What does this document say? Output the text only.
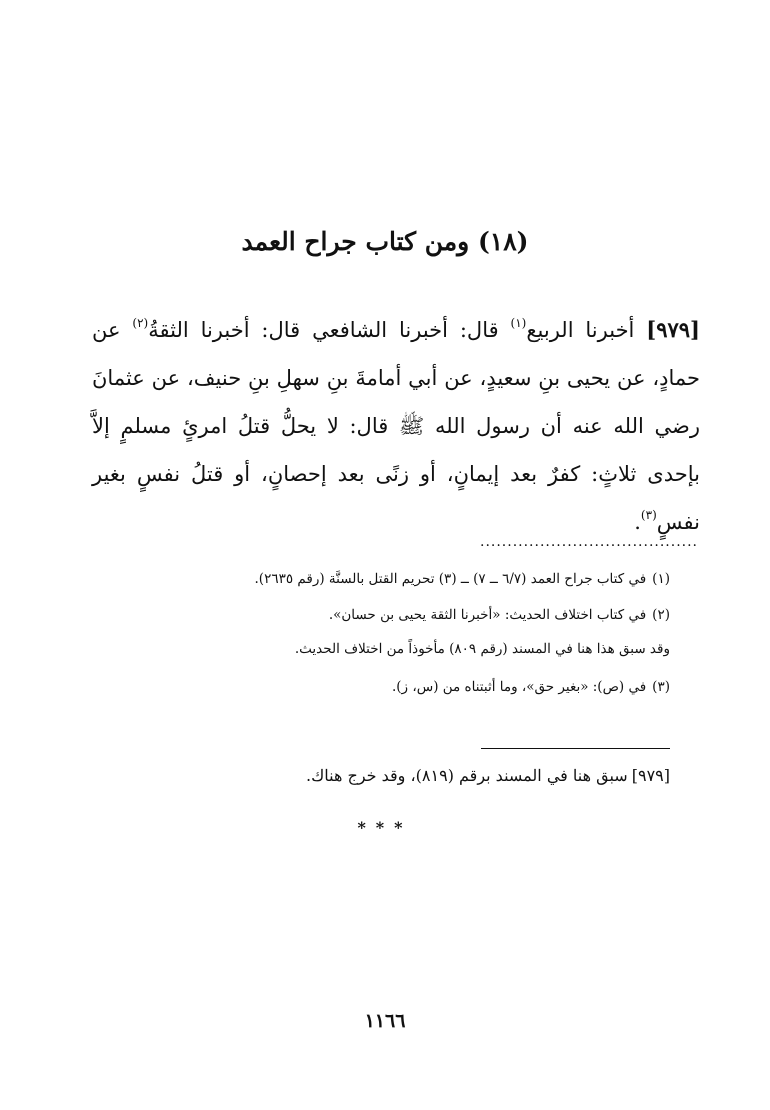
(١٨) ومن كتاب جراح العمد
[٩٧٩] أخبرنا الربيع$^{(١)}$ قال: أخبرنا الشافعي قال: أخبرنا الثقةُ$^{(٢)}$ عن حمادٍ، عن يحيى بنِ سعيدٍ، عن أبي أمامةَ بنِ سهلِ بنِ حنيف، عن عثمانَ رضي الله عنه أن رسول الله ﷺ قال: لا يحلُّ قتلُ امرئٍ مسلمٍ إلاَّ بإحدى ثلاثٍ: كفرٌ بعد إيمانٍ، أو زنًى بعد إحصانٍ، أو قتلُ نفسٍ بغير نفسٍ$^{(٣)}$.
........................................
(١)في كتاب جراح العمد (٦/٧ ــ ٧) ــ (٣) تحريم القتل بالسنَّة (رقم ٢٦٣٥).
(٢)في كتاب اختلاف الحديث: «أخبرنا الثقة يحيى بن حسان».
وقد سبق هذا هنا في المسند (رقم ٨٠٩) مأخوذاً من اختلاف الحديث.
(٣)في (ص): «بغير حق»، وما أثبتناه من (س، ز).
[٩٧٩]سبق هنا في المسند برقم (٨١٩)، وقد خرج هناك.
***
١١٦٦
